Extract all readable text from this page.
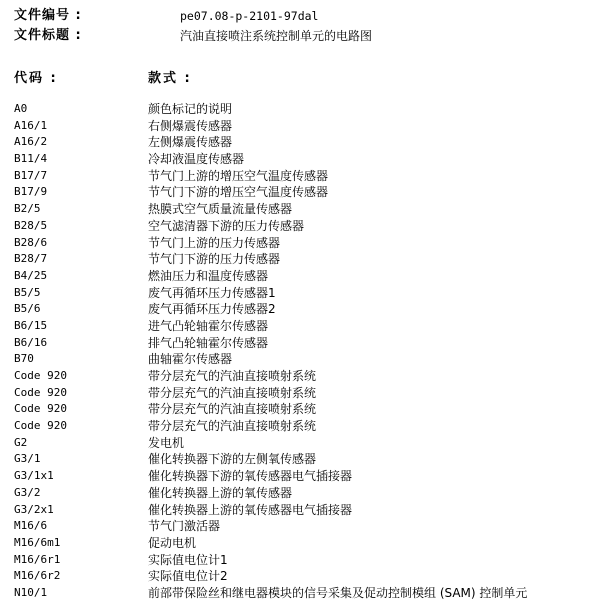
文件编号 :	pe07.08-p-2101-97dal
文件标题 :	汽油直接喷注系统控制单元的电路图
代码 :	款式 :
A0	颜色标记的说明
A16/1	右侧爆震传感器
A16/2	左侧爆震传感器
B11/4	冷却液温度传感器
B17/7	节气门上游的增压空气温度传感器
B17/9	节气门下游的增压空气温度传感器
B2/5	热膜式空气质量流量传感器
B28/5	空气滤清器下游的压力传感器
B28/6	节气门上游的压力传感器
B28/7	节气门下游的压力传感器
B4/25	燃油压力和温度传感器
B5/5	废气再循环压力传感器1
B5/6	废气再循环压力传感器2
B6/15	进气凸轮轴霍尔传感器
B6/16	排气凸轮轴霍尔传感器
B70	曲轴霍尔传感器
Code 920	带分层充气的汽油直接喷射系统
Code 920	带分层充气的汽油直接喷射系统
Code 920	带分层充气的汽油直接喷射系统
Code 920	带分层充气的汽油直接喷射系统
G2	发电机
G3/1	催化转换器下游的左侧氧传感器
G3/1x1	催化转换器下游的氧传感器电气插接器
G3/2	催化转换器上游的氧传感器
G3/2x1	催化转换器上游的氧传感器电气插接器
M16/6	节气门激活器
M16/6m1	促动电机
M16/6r1	实际值电位计1
M16/6r2	实际值电位计2
N10/1	前部带保险丝和继电器模块的信号采集及促动控制模组 (SAM) 控制单元
